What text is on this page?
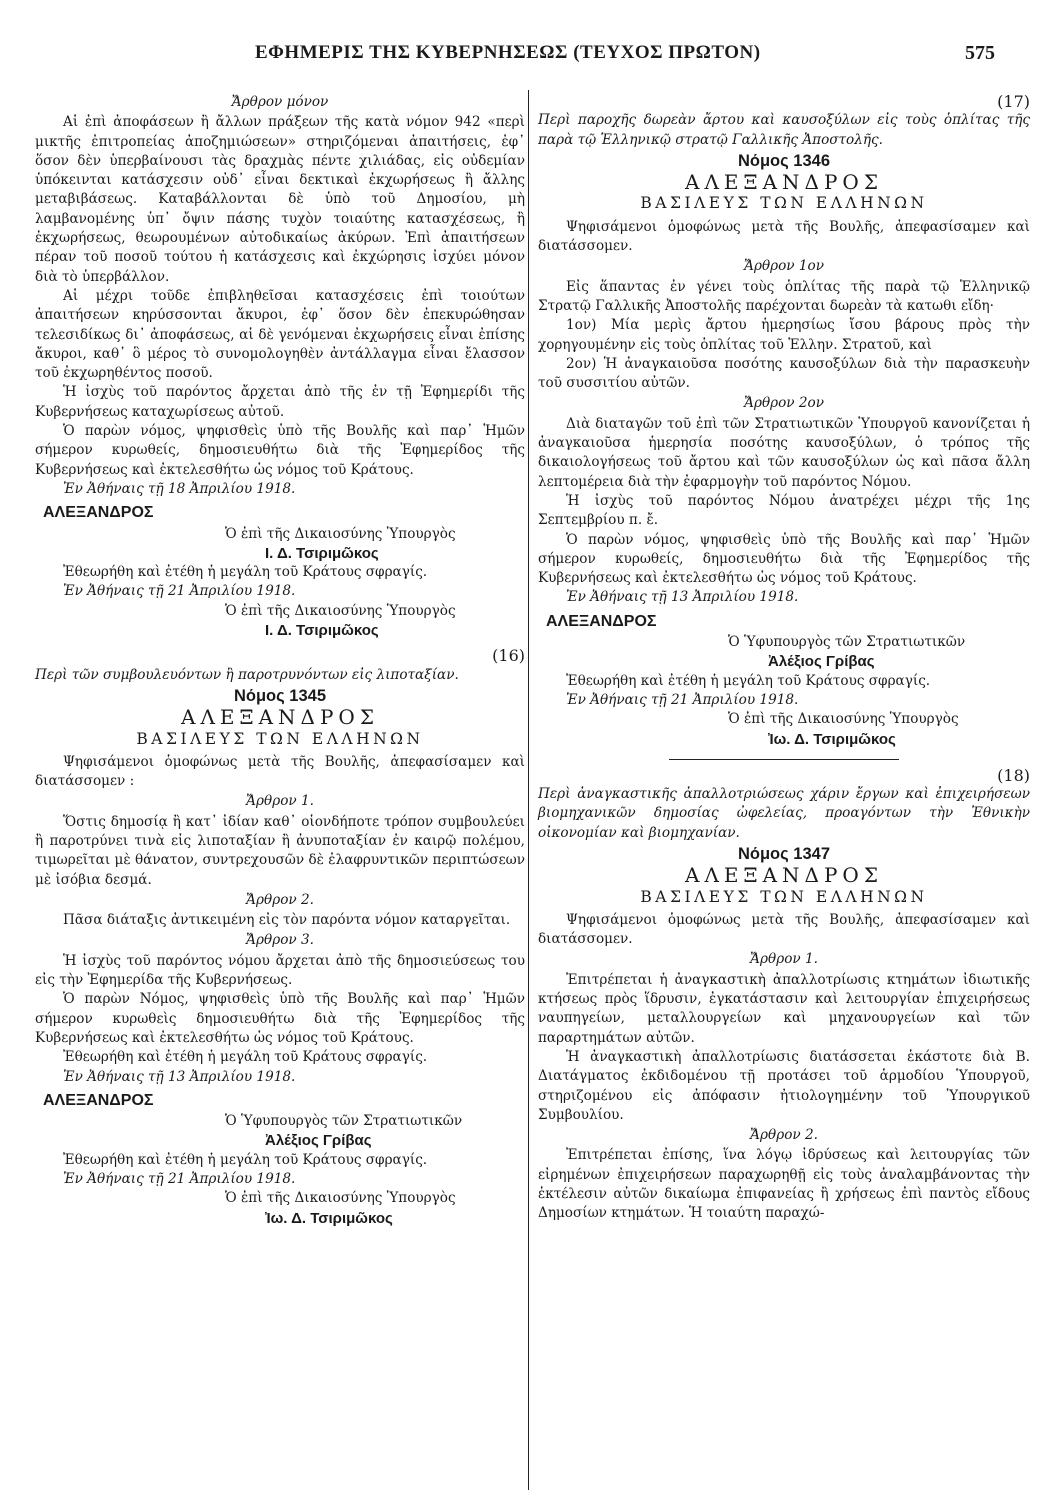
ΕΦΗΜΕΡΙΣ ΤΗΣ ΚΥΒΕΡΝΗΣΕΩΣ (ΤΕΥΧΟΣ ΠΡΩΤΟΝ)	575

Ἄρθρον μόνον

Αἱ ἐπὶ ἀποφάσεων ἢ ἄλλων πράξεων τῆς κατὰ νόμον 942 «περὶ μικτῆς ἐπιτροπείας ἀποζημιώσεων» στηριζόμεναι ἀπαιτήσεις, ἐφ᾽ ὅσον δὲν ὑπερβαίνουσι τὰς δραχμὰς πέντε χιλιάδας, εἰς οὐδεμίαν ὑπόκεινται κατάσχεσιν οὐδ᾽ εἶναι δεκτικαὶ ἐκχωρήσεως ἢ ἄλλης μεταβιβάσεως. Καταβάλλονται δὲ ὑπὸ τοῦ Δημοσίου, μὴ λαμβανομένης ὑπ᾽ ὄψιν πάσης τυχὸν τοιαύτης κατασχέσεως, ἢ ἐκχωρήσεως, θεωρουμένων αὐτοδικαίως ἀκύρων. Ἐπὶ ἀπαιτήσεων πέραν τοῦ ποσοῦ τούτου ἡ κατάσχεσις καὶ ἐκχώρησις ἰσχύει μόνον διὰ τὸ ὑπερβάλλον.

Αἱ μέχρι τοῦδε ἐπιβληθεῖσαι κατασχέσεις ἐπὶ τοιούτων ἀπαιτήσεων κηρύσσονται ἄκυροι, ἐφ᾽ ὅσον δὲν ἐπεκυρώθησαν τελεσιδίκως δι᾽ ἀποφάσεως, αἱ δὲ γενόμεναι ἐκχωρήσεις εἶναι ἐπίσης ἄκυροι, καθ᾽ ὃ μέρος τὸ συνομολογηθὲν ἀντάλλαγμα εἶναι ἔλασσον τοῦ ἐκχωρηθέντος ποσοῦ.

Ἡ ἰσχὺς τοῦ παρόντος ἄρχεται ἀπὸ τῆς ἐν τῇ Ἐφημερίδι τῆς Κυβερνήσεως καταχωρίσεως αὐτοῦ.

Ὁ παρὼν νόμος, ψηφισθεὶς ὑπὸ τῆς Βουλῆς καὶ παρ᾽ Ἡμῶν σήμερον κυρωθείς, δημοσιευθήτω διὰ τῆς Ἐφημερίδος τῆς Κυβερνήσεως καὶ ἐκτελεσθήτω ὡς νόμος τοῦ Κράτους.

Ἐν Ἀθήναις τῇ 18 Ἀπριλίου 1918.

ΑΛΕΞΑΝΔΡΟΣ

Ὁ ἐπὶ τῆς Δικαιοσύνης Ὑπουργὸς

Ι. Δ. Τσιριμῶκος

Ἐθεωρήθη καὶ ἐτέθη ἡ μεγάλη τοῦ Κράτους σφραγίς.

Ἐν Ἀθήναις τῇ 21 Ἀπριλίου 1918.

Ὁ ἐπὶ τῆς Δικαιοσύνης Ὑπουργὸς

Ι. Δ. Τσιριμῶκος

(16)

Περὶ τῶν συμβουλευόντων ἢ παροτρυνόντων εἰς λιποταξίαν.

Νόμος 1345

ΑΛΕΞΑΝΔΡΟΣ

ΒΑΣΙΛΕΥΣ ΤΩΝ ΕΛΛΗΝΩΝ

Ψηφισάμενοι ὁμοφώνως μετὰ τῆς Βουλῆς, ἀπεφασίσαμεν καὶ διατάσσομεν :

Ἄρθρον 1.

Ὅστις δημοσίᾳ ἢ κατ᾽ ἰδίαν καθ᾽ οἱονδήποτε τρόπον συμβουλεύει ἢ παροτρύνει τινὰ εἰς λιποταξίαν ἢ ἀνυποταξίαν ἐν καιρῷ πολέμου, τιμωρεῖται μὲ θάνατον, συντρεχουσῶν δὲ ἐλαφρυντικῶν περιπτώσεων μὲ ἰσόβια δεσμά.

Ἄρθρον 2.

Πᾶσα διάταξις ἀντικειμένη εἰς τὸν παρόντα νόμον καταργεῖται.

Ἄρθρον 3.

Ἡ ἰσχὺς τοῦ παρόντος νόμου ἄρχεται ἀπὸ τῆς δημοσιεύσεως του εἰς τὴν Ἐφημερίδα τῆς Κυβερνήσεως.

Ὁ παρὼν Νόμος, ψηφισθεὶς ὑπὸ τῆς Βουλῆς καὶ παρ᾽ Ἡμῶν σήμερον κυρωθεὶς δημοσιευθήτω διὰ τῆς Ἐφημερίδος τῆς Κυβερνήσεως καὶ ἐκτελεσθήτω ὡς νόμος τοῦ Κράτους.

Ἐθεωρήθη καὶ ἐτέθη ἡ μεγάλη τοῦ Κράτους σφραγίς.

Ἐν Ἀθήναις τῇ 13 Ἀπριλίου 1918.

ΑΛΕΞΑΝΔΡΟΣ

Ὁ Ὑφυπουργὸς τῶν Στρατιωτικῶν

Ἀλέξιος Γρίβας

Ἐθεωρήθη καὶ ἐτέθη ἡ μεγάλη τοῦ Κράτους σφραγίς.

Ἐν Ἀθήναις τῇ 21 Ἀπριλίου 1918.

Ὁ ἐπὶ τῆς Δικαιοσύνης Ὑπουργὸς

Ἰω. Δ. Τσιριμῶκος

(17)

Περὶ παροχῆς δωρεὰν ἄρτου καὶ καυσοξύλων εἰς τοὺς ὁπλίτας τῆς παρὰ τῷ Ἑλληνικῷ στρατῷ Γαλλικῆς Ἀποστολῆς.

Νόμος 1346

ΑΛΕΞΑΝΔΡΟΣ

ΒΑΣΙΛΕΥΣ ΤΩΝ ΕΛΛΗΝΩΝ

Ψηφισάμενοι ὁμοφώνως μετὰ τῆς Βουλῆς, ἀπεφασίσαμεν καὶ διατάσσομεν.

Ἄρθρον 1ον

Εἰς ἅπαντας ἐν γένει τοὺς ὁπλίτας τῆς παρὰ τῷ Ἑλληνικῷ Στρατῷ Γαλλικῆς Ἀποστολῆς παρέχονται δωρεὰν τὰ κατωθι εἴδη·

1ον) Μία μερὶς ἄρτου ἡμερησίως ἴσου βάρους πρὸς τὴν χορηγουμένην εἰς τοὺς ὁπλίτας τοῦ Ἑλλην. Στρατοῦ, καὶ

2ον) Ἡ ἀναγκαιοῦσα ποσότης καυσοξύλων διὰ τὴν παρασκευὴν τοῦ συσσιτίου αὐτῶν.

Ἄρθρον 2ον

Διὰ διαταγῶν τοῦ ἐπὶ τῶν Στρατιωτικῶν Ὑπουργοῦ κανονίζεται ἡ ἀναγκαιοῦσα ἡμερησία ποσότης καυσοξύλων, ὁ τρόπος τῆς δικαιολογήσεως τοῦ ἄρτου καὶ τῶν καυσοξύλων ὡς καὶ πᾶσα ἄλλη λεπτομέρεια διὰ τὴν ἐφαρμογὴν τοῦ παρόντος Νόμου.

Ἡ ἰσχὺς τοῦ παρόντος Νόμου ἀνατρέχει μέχρι τῆς 1ης Σεπτεμβρίου π. ἔ.

Ὁ παρὼν νόμος, ψηφισθεὶς ὑπὸ τῆς Βουλῆς καὶ παρ᾽ Ἡμῶν σήμερον κυρωθείς, δημοσιευθήτω διὰ τῆς Ἐφημερίδος τῆς Κυβερνήσεως καὶ ἐκτελεσθήτω ὡς νόμος τοῦ Κράτους.

Ἐν Ἀθήναις τῇ 13 Ἀπριλίου 1918.

ΑΛΕΞΑΝΔΡΟΣ

Ὁ Ὑφυπουργὸς τῶν Στρατιωτικῶν

Ἀλέξιος Γρίβας

Ἐθεωρήθη καὶ ἐτέθη ἡ μεγάλη τοῦ Κράτους σφραγίς.

Ἐν Ἀθήναις τῇ 21 Ἀπριλίου 1918.

Ὁ ἐπὶ τῆς Δικαιοσύνης Ὑπουργὸς

Ἰω. Δ. Τσιριμῶκος

(18)

Περὶ ἀναγκαστικῆς ἀπαλλοτριώσεως χάριν ἔργων καὶ ἐπιχειρήσεων βιομηχανικῶν δημοσίας ὠφελείας, προαγόντων τὴν Ἐθνικὴν οἰκονομίαν καὶ βιομηχανίαν.

Νόμος 1347

ΑΛΕΞΑΝΔΡΟΣ

ΒΑΣΙΛΕΥΣ ΤΩΝ ΕΛΛΗΝΩΝ

Ψηφισάμενοι ὁμοφώνως μετὰ τῆς Βουλῆς, ἀπεφασίσαμεν καὶ διατάσσομεν.

Ἄρθρον 1.

Ἐπιτρέπεται ἡ ἀναγκαστικὴ ἀπαλλοτρίωσις κτημάτων ἰδιωτικῆς κτήσεως πρὸς ἵδρυσιν, ἐγκατάστασιν καὶ λειτουργίαν ἐπιχειρήσεως ναυπηγείων, μεταλλουργείων καὶ μηχανουργείων καὶ τῶν παραρτημάτων αὐτῶν.

Ἡ ἀναγκαστικὴ ἀπαλλοτρίωσις διατάσσεται ἑκάστοτε διὰ Β. Διατάγματος ἐκδιδομένου τῇ προτάσει τοῦ ἁρμοδίου Ὑπουργοῦ, στηριζομένου εἰς ἀπόφασιν ἠτιολογημένην τοῦ Ὑπουργικοῦ Συμβουλίου.

Ἄρθρον 2.

Ἐπιτρέπεται ἐπίσης, ἵνα λόγῳ ἱδρύσεως καὶ λειτουργίας τῶν εἰρημένων ἐπιχειρήσεων παραχωρηθῇ εἰς τοὺς ἀναλαμβάνοντας τὴν ἐκτέλεσιν αὐτῶν δικαίωμα ἐπιφανείας ἢ χρήσεως ἐπὶ παντὸς εἴδους Δημοσίων κτημάτων. Ἡ τοιαύτη παραχώ-
